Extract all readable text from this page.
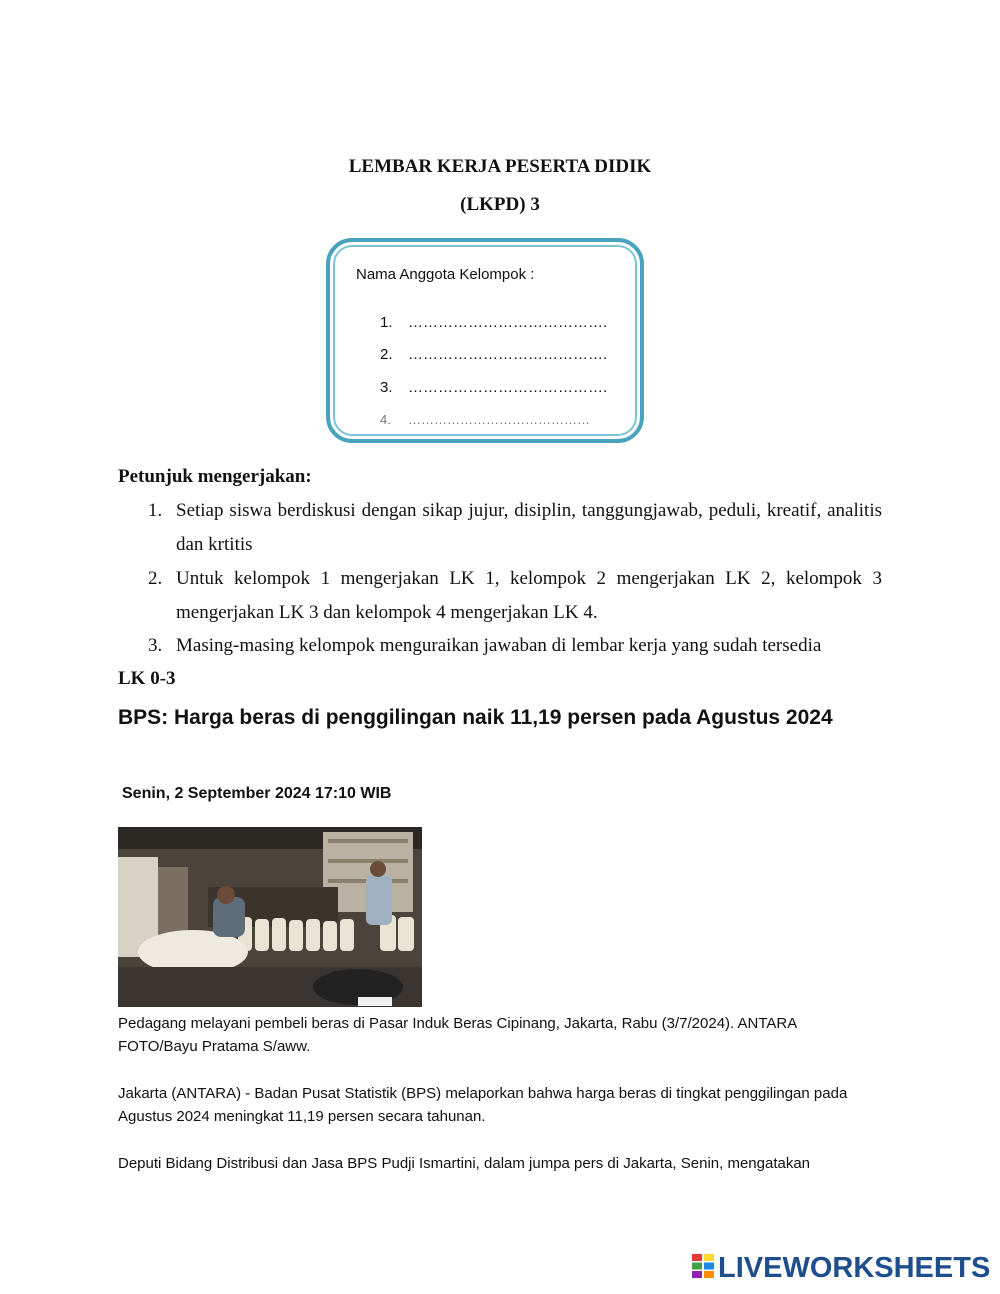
LEMBAR KERJA PESERTA DIDIK
(LKPD) 3
Nama Anggota Kelompok :
1. ………………………………….
2. ………………………………….
3. ………………………………….
4. ……………………………………
Petunjuk mengerjakan:
1. Setiap siswa berdiskusi dengan sikap jujur, disiplin, tanggungjawab, peduli, kreatif, analitis dan krtitis
2. Untuk kelompok 1 mengerjakan LK 1, kelompok 2 mengerjakan LK 2, kelompok 3 mengerjakan LK 3 dan kelompok 4 mengerjakan LK 4.
3. Masing-masing kelompok menguraikan jawaban di lembar kerja yang sudah tersedia
LK 0-3
BPS: Harga beras di penggilingan naik 11,19 persen pada Agustus 2024
Senin, 2 September 2024 17:10 WIB
Pedagang melayani pembeli beras di Pasar Induk Beras Cipinang, Jakarta, Rabu (3/7/2024). ANTARA FOTO/Bayu Pratama S/aww.
Jakarta (ANTARA) - Badan Pusat Statistik (BPS) melaporkan bahwa harga beras di tingkat penggilingan pada Agustus 2024 meningkat 11,19 persen secara tahunan.
Deputi Bidang Distribusi dan Jasa BPS Pudji Ismartini, dalam jumpa pers di Jakarta, Senin, mengatakan
LIVEWORKSHEETS
